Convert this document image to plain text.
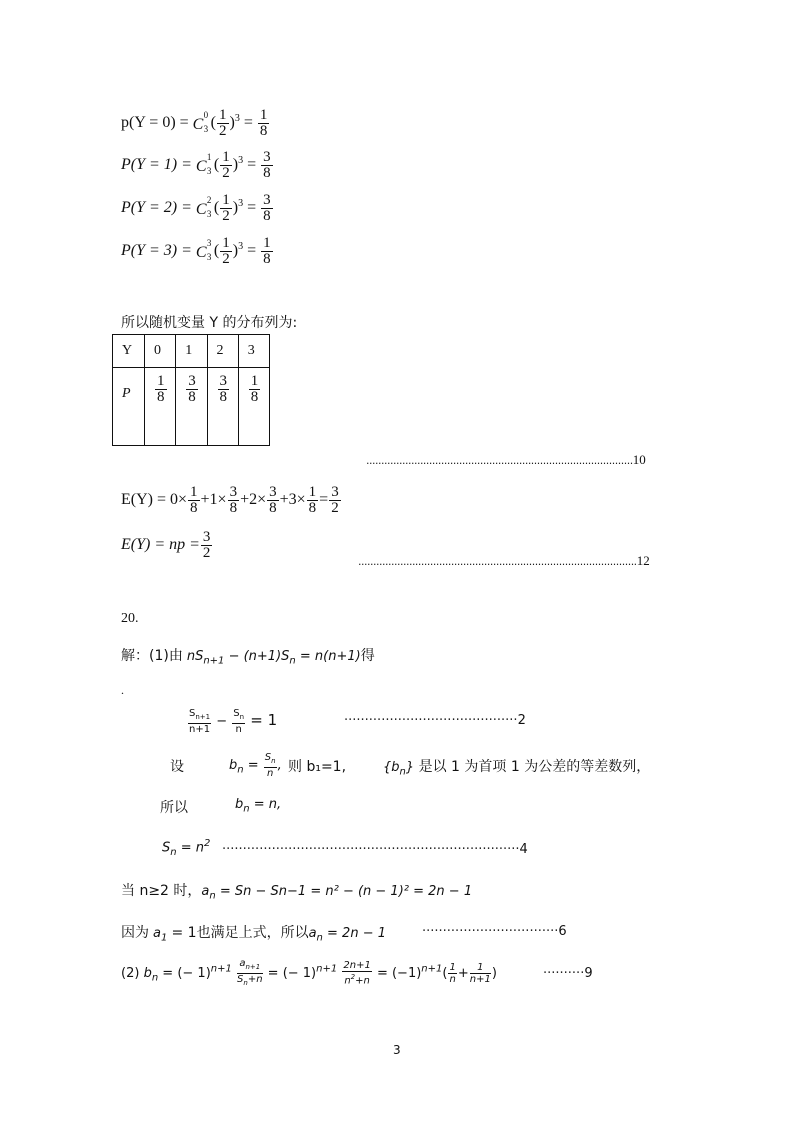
p(Y = 0) = C
0
3 ( $\frac{1}{2} )^3 = \frac{1}{8}$
P(Y = 1) = C
1
3 ( $\frac{1}{2} )^3 = \frac{3}{8}$
P(Y = 2) = C
2
3 ( $\frac{1}{2} )^3 = \frac{3}{8}$
P(Y = 3) = C
3
3 ( $\frac{1}{2} )^3 = \frac{1}{8}$
所以随机变量 Y 的分布列为:
Y	0	1	2	3
P	$\frac{1}{8}$	$\frac{3}{8}$	$\frac{3}{8}$	$\frac{1}{8}$
.........................................................................................10
$E(Y) = 0\times \frac{1}{8} +1\times \frac{3}{8} +2\times \frac{3}{8} +3\times \frac{1}{8} = \frac{3}{2}$
E(Y) = np = $\frac{3}{2}$
.............................................................................................12
20.
解：(1)由 $nS_{n+1} - (n+1)S_n = n(n+1)$得
.
$\frac{S_{n+1}}{n+1} - \frac{S_n}{n} = 1$	··········································2
设	$b_n = \frac{S_n}{n}$ , 则 b₁=1,	$\{b_n\}$ 是以 1 为首项 1 为公差的等差数列，
所以	$b_n = n$,
$S_n = n^2 \cdot\cdot\cdot\cdot\cdot\cdot\cdot\cdot\cdot\cdot\cdot\cdot\cdot\cdot\cdot\cdot\cdot\cdot\cdot\cdot\cdot\cdot\cdot\cdot\cdot\cdot\cdot\cdot\cdot\cdot\cdot\cdot\cdot\cdot\cdot\cdot\cdot\cdot\cdot\cdot\cdot\cdot\cdot\cdot\cdot\cdot\cdot\cdot\cdot\cdot\cdot\cdot\cdot\cdot\cdot\cdot\cdot\cdot\cdot\cdot\cdot\cdot\cdot\cdot\cdot\cdot\cdot\cdot\cdot\cdot\cdot\cdot 4$
当 n≥2 时，$a_n = Sn - Sn-1 = n^2 - (n - 1)^2 = 2n - 1$
因为 $a_1 = 1$也满足上式，所以$a_n = 2n - 1$	·································6
(2) $b_n$ = (− $1)^{n+1} \frac{a_{n+1}}{S_n+n}$ = (− $1)^{n+1} \frac{2n+1}{n^2+n} = (-1)^{n+1}( \frac{1}{n} + \frac{1}{n+1}$ )	··········9
3
